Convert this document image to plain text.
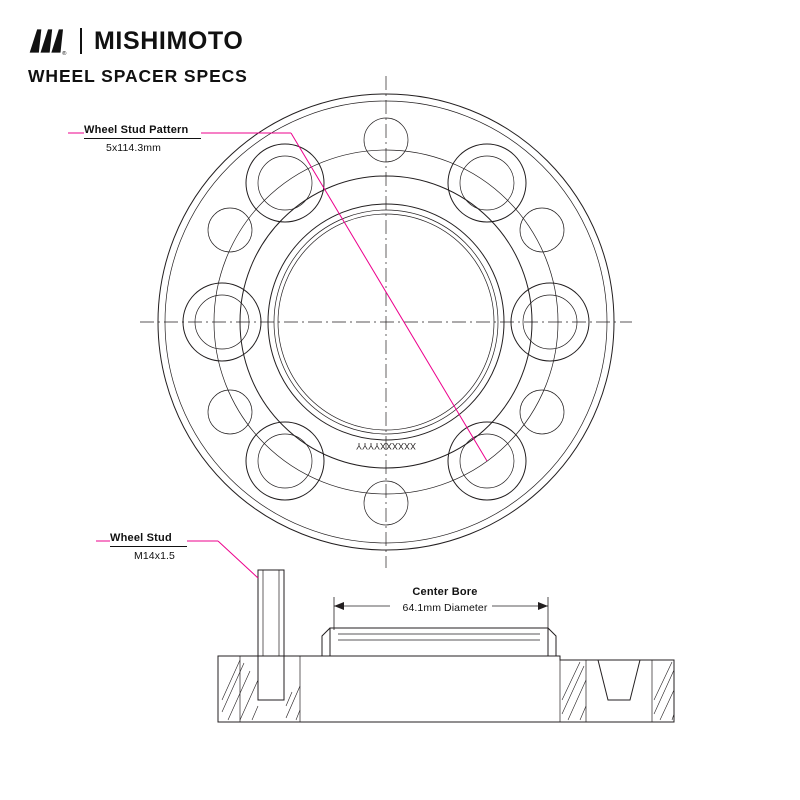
® MISHIMOTO
WHEEL SPACER SPECS
Wheel Stud Pattern
5x114.3mm
Wheel Stud
M14x1.5
Center Bore
64.1mm Diameter
XXXXXXYYYY
